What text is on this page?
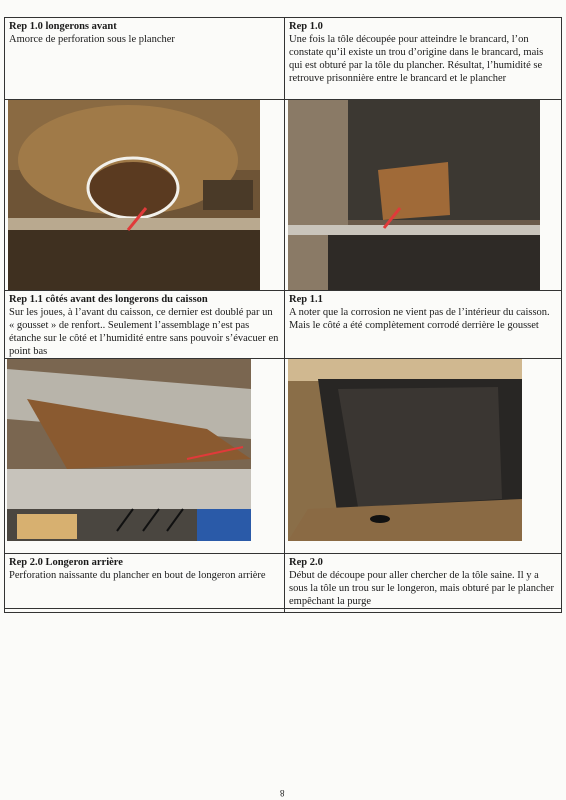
Rep 1.0 longerons avant
Amorce de perforation sous le plancher
Rep 1.0
Une fois la tôle découpée pour atteindre le brancard, l’on constate qu’il existe un trou d’origine dans le brancard, mais qui est obturé par la tôle du plancher. Résultat, l’humidité se retrouve prisonnière entre le brancard et le plancher
Rep 1.1 côtés avant des longerons du caisson
Sur les joues, à l’avant du caisson, ce dernier est doublé par un « gousset » de renfort.. Seulement l’assemblage n’est pas étanche sur le côté et l’humidité entre sans pouvoir s’évacuer en point bas
Rep 1.1
A noter que la corrosion ne vient pas de l’intérieur du caisson. Mais le côté a été complètement corrodé derrière le gousset
Rep 2.0 Longeron arrière
Perforation naissante du plancher en bout de longeron arrière
Rep 2.0
Début de découpe pour aller chercher de la tôle saine. Il y a sous la tôle un trou sur le longeron, mais obturé par le plancher empêchant la purge
8
